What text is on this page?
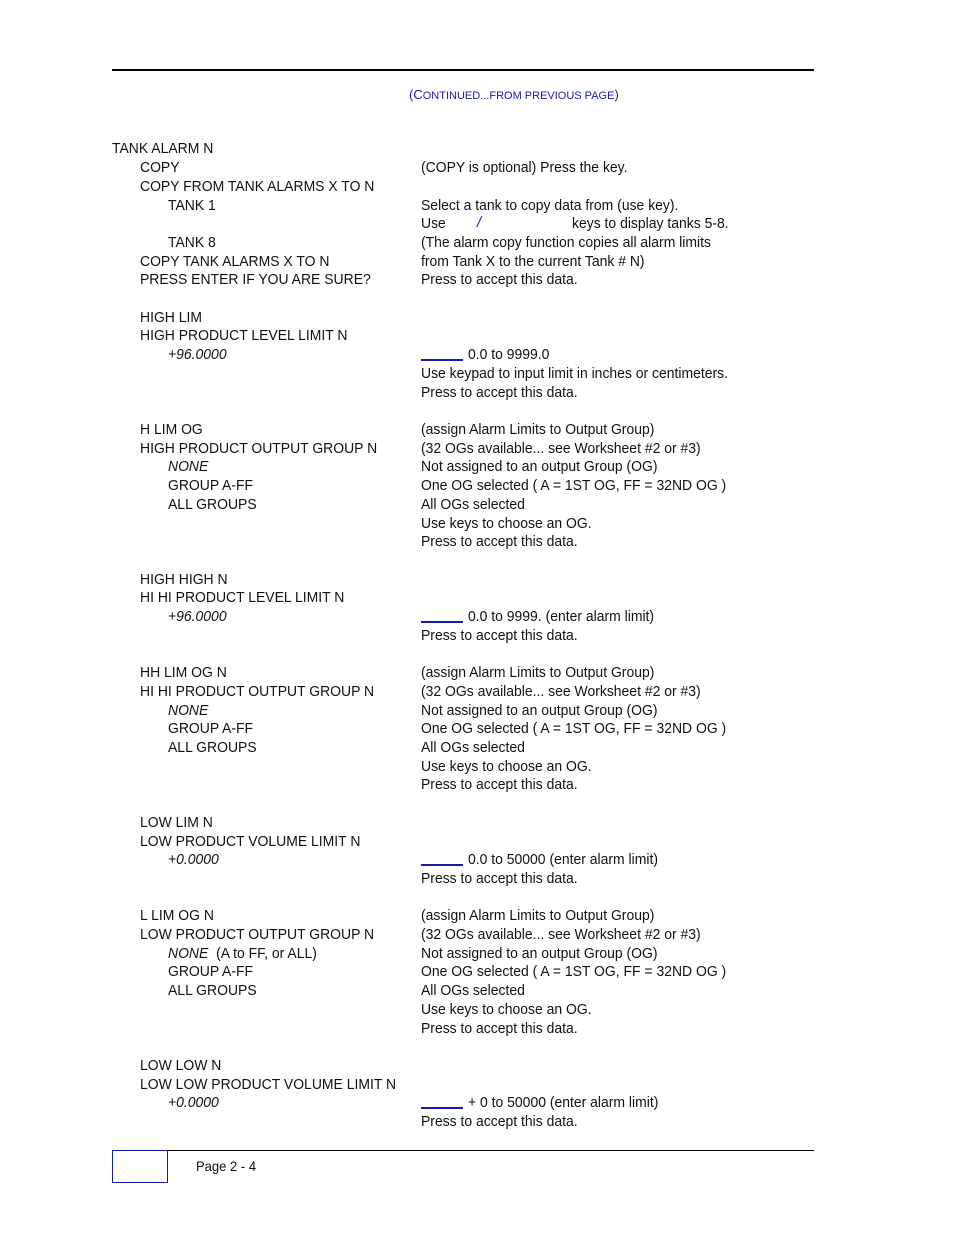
(CONTINUED...FROM PREVIOUS PAGE)
TANK ALARM N
COPY
COPY FROM TANK ALARMS X TO N
TANK 1
TANK 8
COPY TANK ALARMS X TO N
PRESS ENTER IF YOU ARE SURE?
HIGH LIM
HIGH PRODUCT LEVEL LIMIT N
+96.0000
H LIM OG
HIGH PRODUCT OUTPUT GROUP N
NONE
GROUP A-FF
ALL GROUPS
HIGH HIGH N
HI HI PRODUCT LEVEL LIMIT N
+96.0000
HH LIM OG N
HI HI PRODUCT OUTPUT GROUP N
NONE
GROUP A-FF
ALL GROUPS
LOW LIM N
LOW PRODUCT VOLUME LIMIT N
+0.0000
L LIM OG N
LOW PRODUCT OUTPUT GROUP N
NONE (A to FF, or ALL)
GROUP A-FF
ALL GROUPS
LOW LOW N
LOW LOW PRODUCT VOLUME LIMIT N
+0.0000
(COPY is optional) Press the key.
Select a tank to copy data from (use key).
Use /	keys to display tanks 5-8.
(The alarm copy function copies all alarm limits
from Tank X to the current Tank # N)
Press to accept this data.
0.0 to 9999.0
Use keypad to input limit in inches or centimeters.
Press to accept this data.
(assign Alarm Limits to Output Group)
(32 OGs available... see Worksheet #2 or #3)
Not assigned to an output Group (OG)
One OG selected ( A = 1ST OG, FF = 32ND OG )
All OGs selected
Use keys to choose an OG.
Press to accept this data.
0.0 to 9999. (enter alarm limit)
Press to accept this data.
(assign Alarm Limits to Output Group)
(32 OGs available... see Worksheet #2 or #3)
Not assigned to an output Group (OG)
One OG selected ( A = 1ST OG, FF = 32ND OG )
All OGs selected
Use keys to choose an OG.
Press to accept this data.
0.0 to 50000 (enter alarm limit)
Press to accept this data.
(assign Alarm Limits to Output Group)
(32 OGs available... see Worksheet #2 or #3)
Not assigned to an output Group (OG)
One OG selected ( A = 1ST OG, FF = 32ND OG )
All OGs selected
Use keys to choose an OG.
Press to accept this data.
+ 0 to 50000 (enter alarm limit)
Press to accept this data.
Page 2 - 4
